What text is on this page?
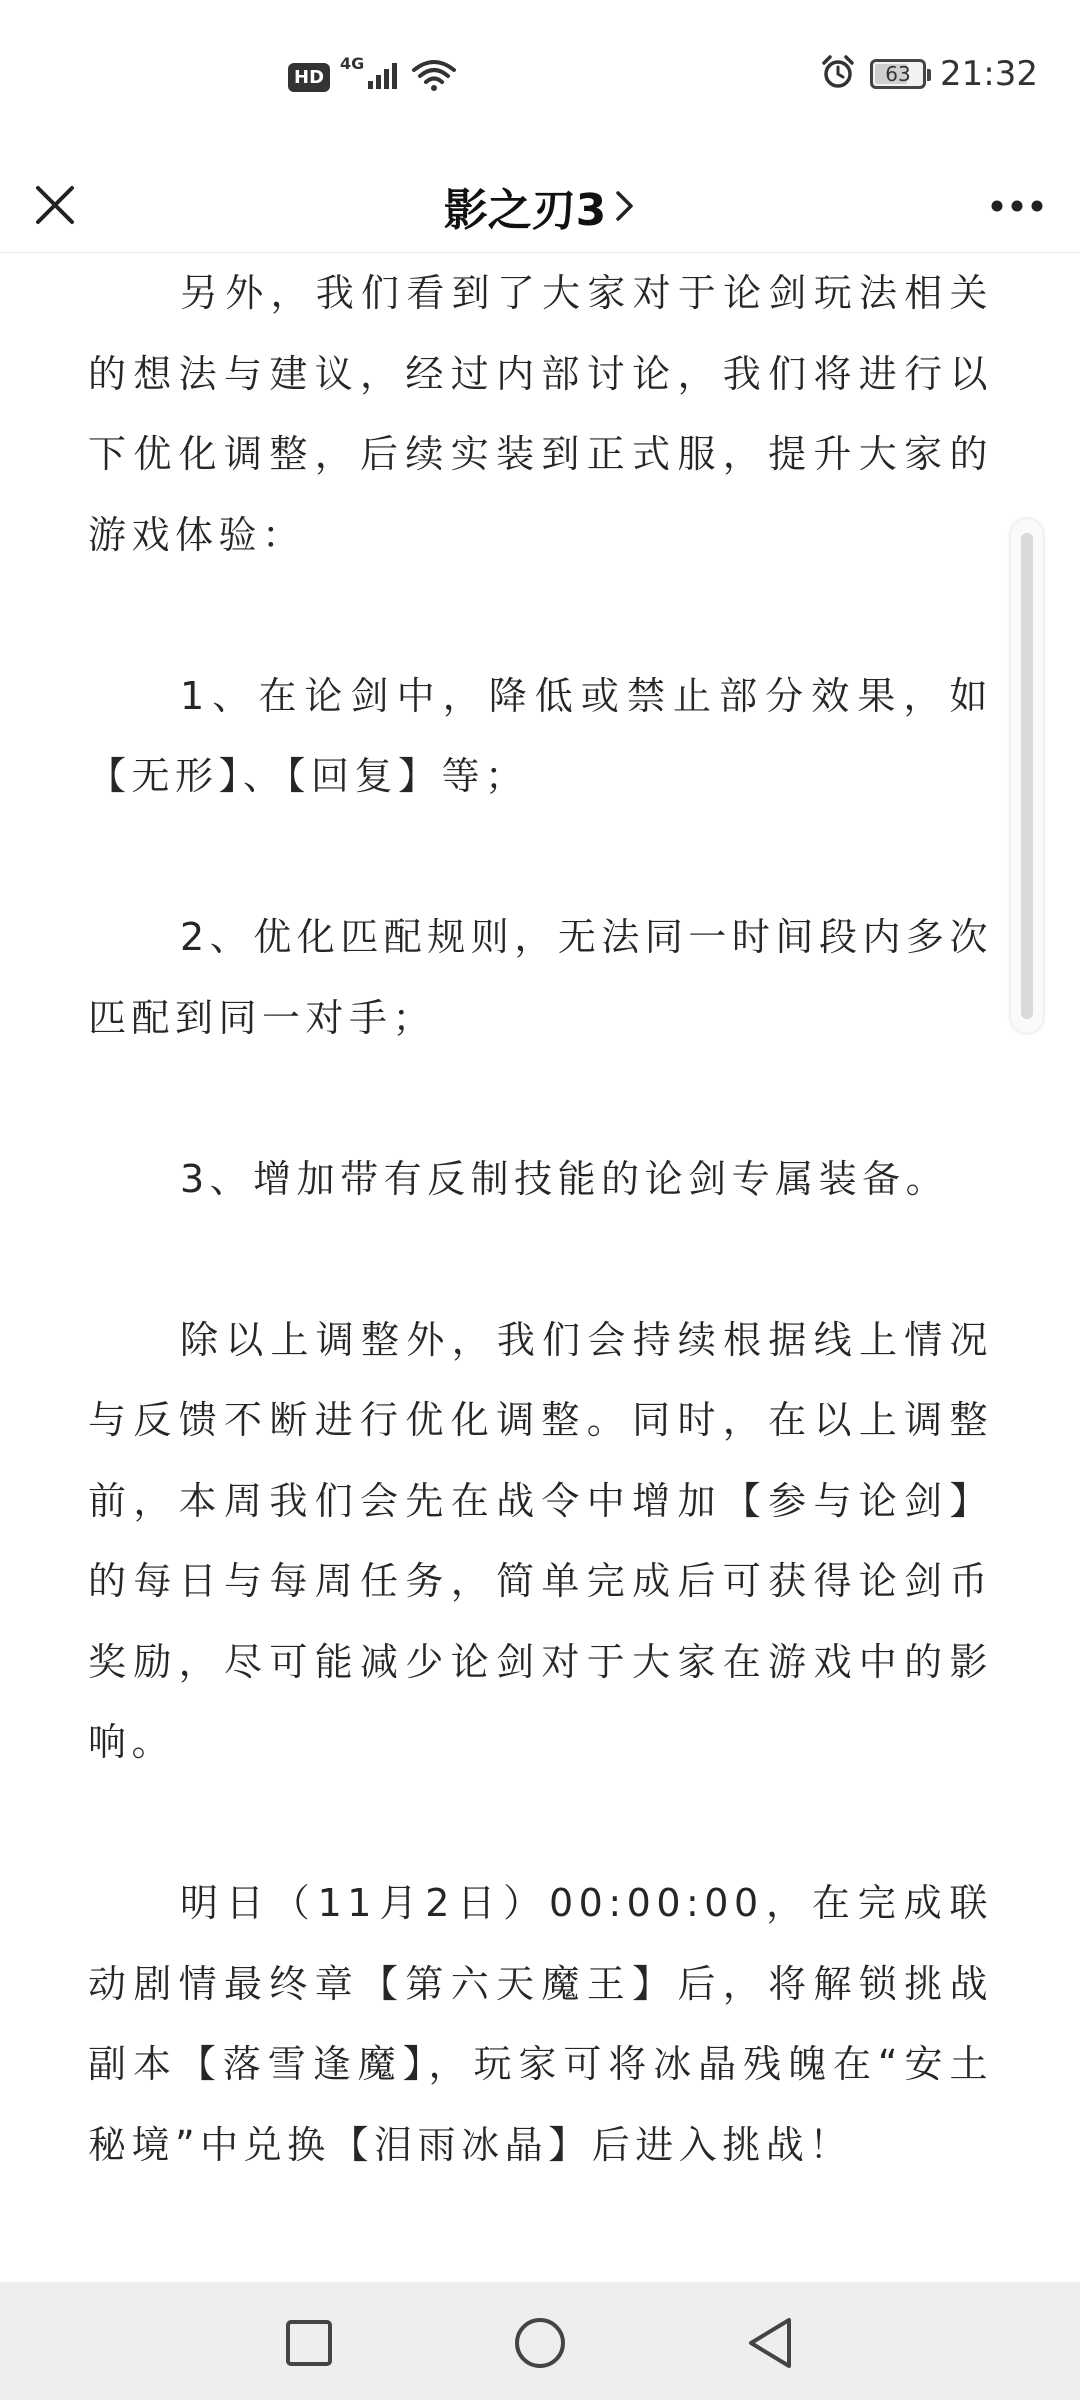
HD
4G	63 21:32
影之刃3

另外，我们看到了大家对于论剑玩法相关的想法与建议，经过内部讨论，我们将进行以下优化调整，后续实装到正式服，提升大家的游戏体验：

1、在论剑中，降低或禁止部分效果，如【无形】、【回复】等；

2、优化匹配规则，无法同一时间段内多次匹配到同一对手；

3、增加带有反制技能的论剑专属装备。

除以上调整外，我们会持续根据线上情况与反馈不断进行优化调整。同时，在以上调整前，本周我们会先在战令中增加【参与论剑】的每日与每周任务，简单完成后可获得论剑币奖励，尽可能减少论剑对于大家在游戏中的影响。

明日（11月2日）00:00:00，在完成联动剧情最终章【第六天魔王】后，将解锁挑战副本【落雪逢魔】，玩家可将冰晶残魄在“安土秘境”中兑换【泪雨冰晶】后进入挑战！
